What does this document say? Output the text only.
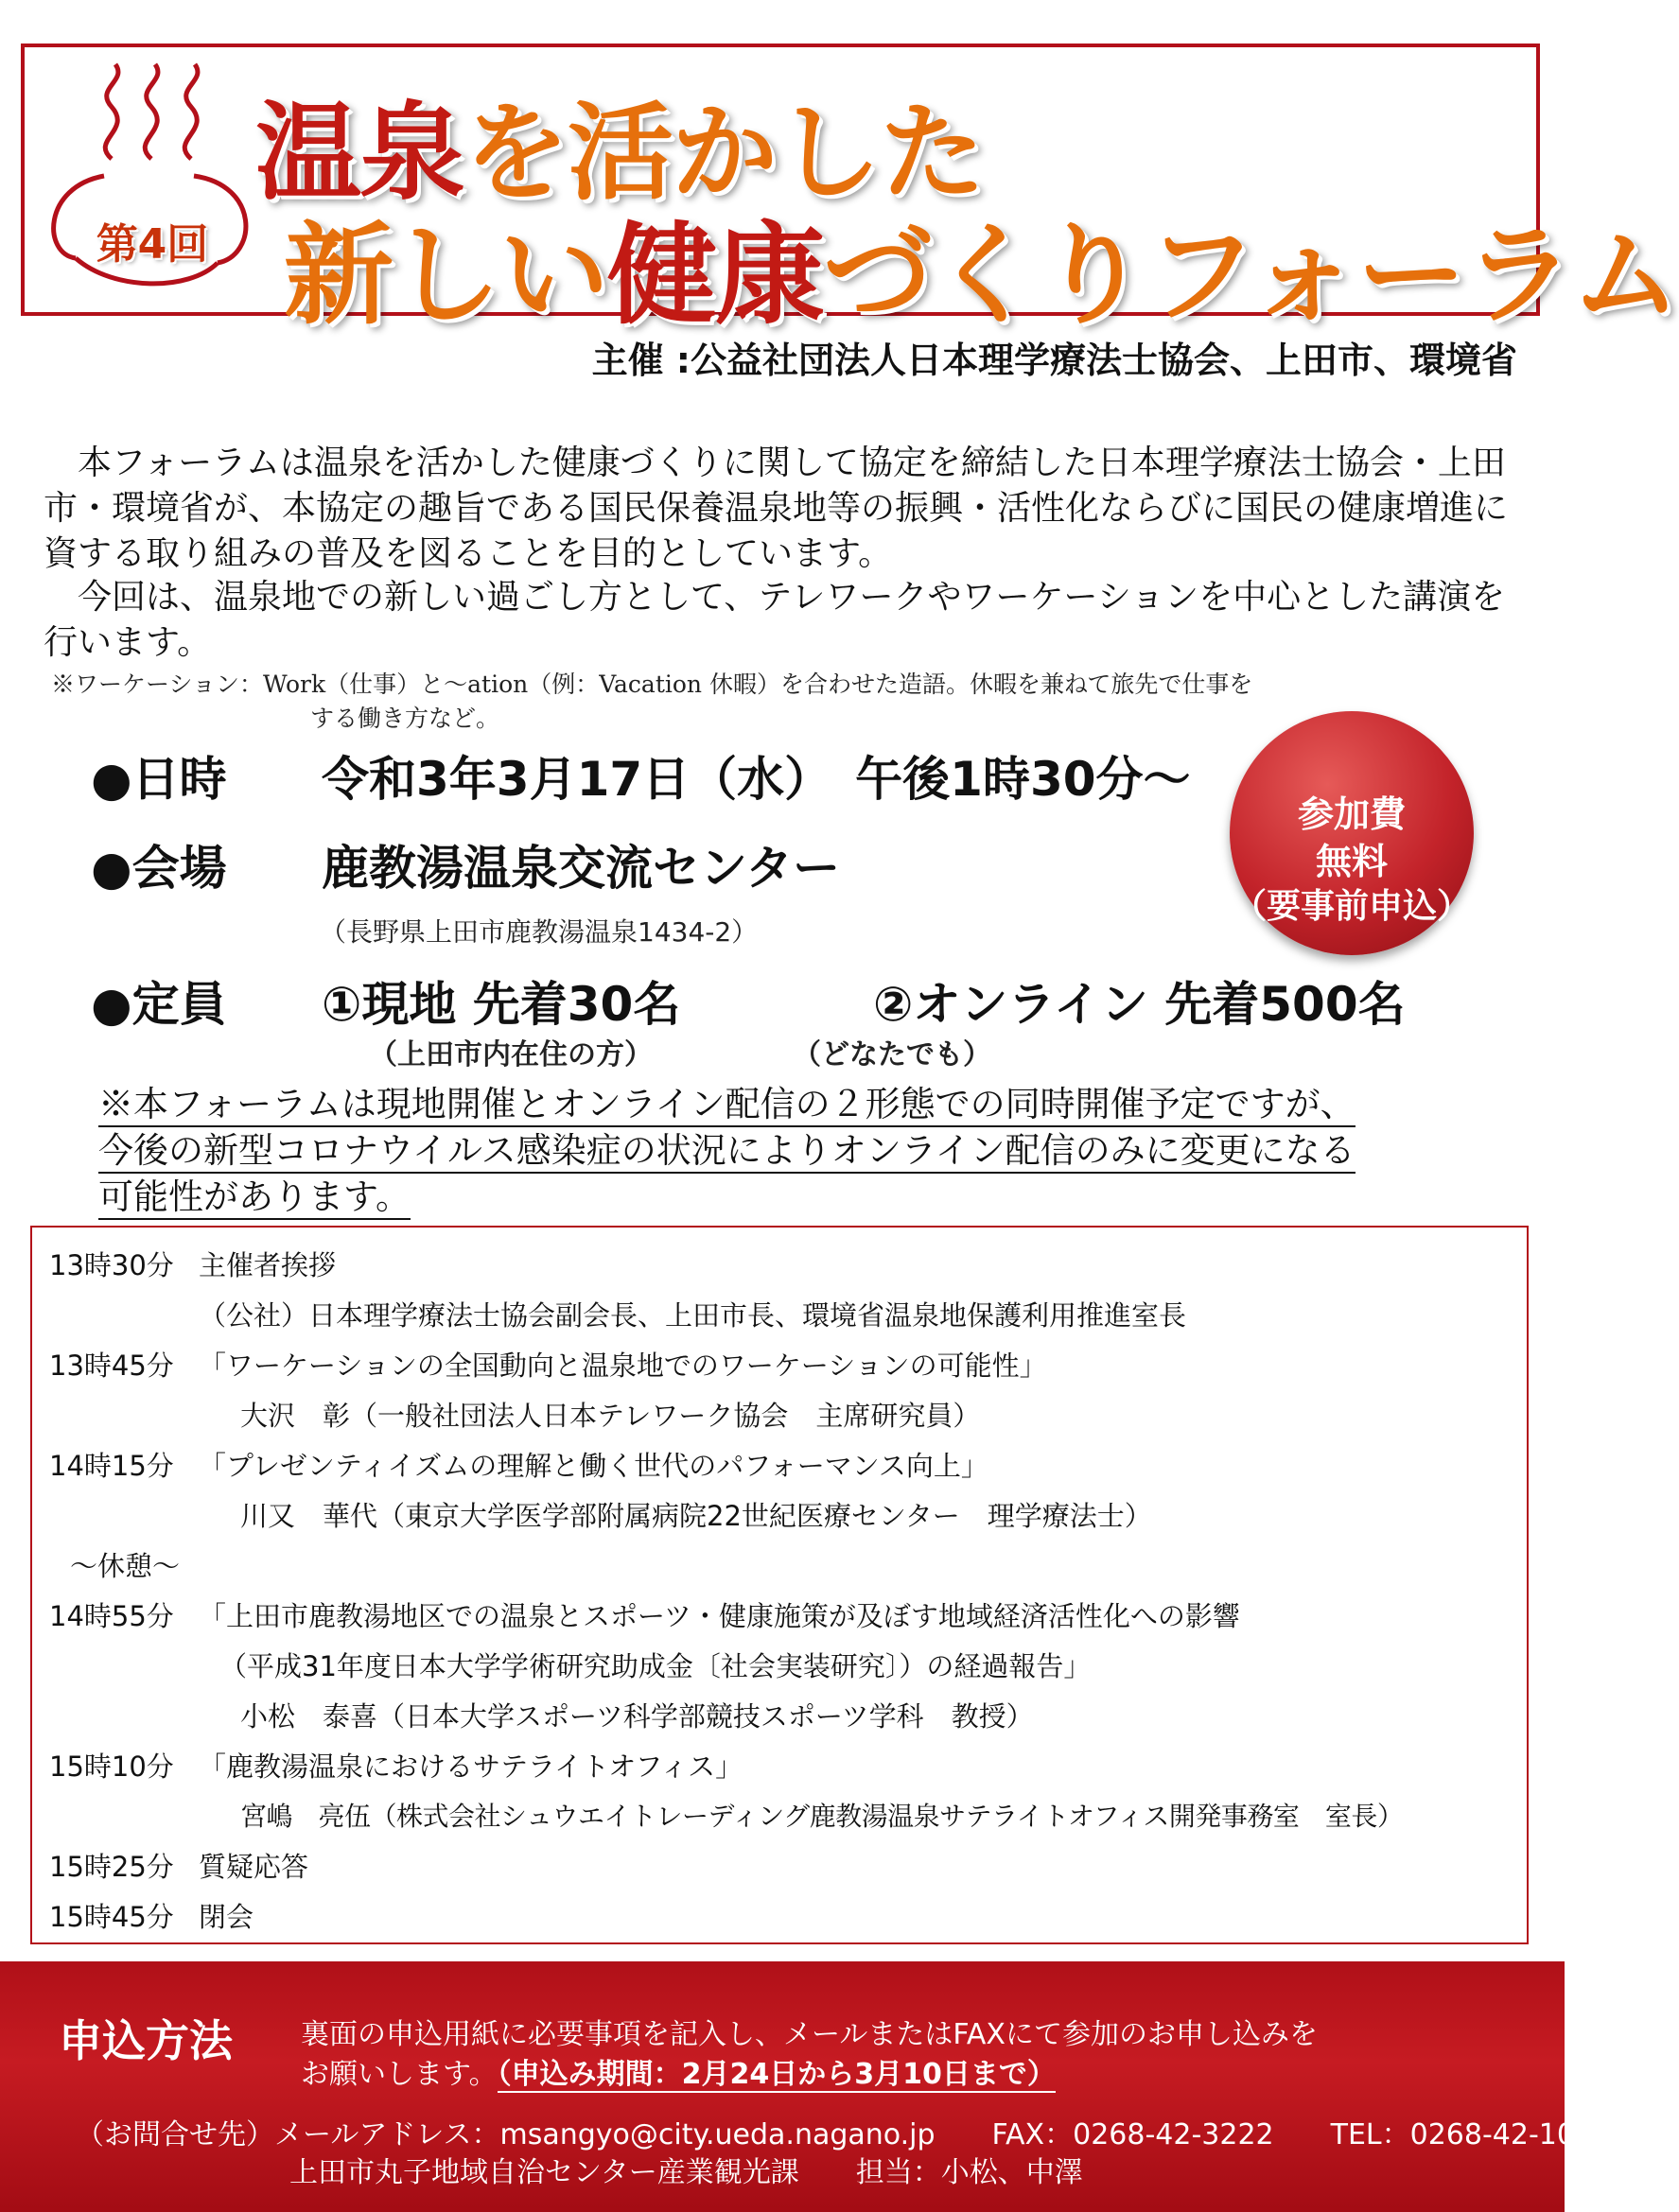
第4回
温泉を活かした
新しい健康づくりフォーラム
主催 :公益社団法人日本理学療法士協会、上田市、環境省
　本フォーラムは温泉を活かした健康づくりに関して協定を締結した日本理学療法士協会・上田市・環境省が、本協定の趣旨である国民保養温泉地等の振興・活性化ならびに国民の健康増進に資する取り組みの普及を図ることを目的としています。
　今回は、温泉地での新しい過ごし方として、テレワークやワーケーションを中心とした講演を行います。
※ワーケーション：Work（仕事）と～ation（例：Vacation 休暇）を合わせた造語。休暇を兼ねて旅先で仕事を
する働き方など。
●日時 令和3年3月17日（水）　午後1時30分～
●会場 鹿教湯温泉交流センター
（長野県上田市鹿教湯温泉1434-2）
●定員 ①現地 先着30名	②オンライン 先着500名
（上田市内在住の方）	（どなたでも）
参加費
無料
（要事前申込）
※本フォーラムは現地開催とオンライン配信の２形態での同時開催予定ですが、
今後の新型コロナウイルス感染症の状況によりオンライン配信のみに変更になる
可能性があります。
13時30分 主催者挨拶
（公社）日本理学療法士協会副会長、上田市長、環境省温泉地保護利用推進室長
13時45分 「ワーケーションの全国動向と温泉地でのワーケーションの可能性」
大沢　彰（一般社団法人日本テレワーク協会　主席研究員）
14時15分 「プレゼンティイズムの理解と働く世代のパフォーマンス向上」
川又　華代（東京大学医学部附属病院22世紀医療センター　理学療法士）
～休憩～
14時55分 「上田市鹿教湯地区での温泉とスポーツ・健康施策が及ぼす地域経済活性化への影響
（平成31年度日本大学学術研究助成金〔社会実装研究〕）の経過報告」
小松　泰喜（日本大学スポーツ科学部競技スポーツ学科　教授）
15時10分 「鹿教湯温泉におけるサテライトオフィス」
宮嶋　亮伍（株式会社シュウエイトレーディング鹿教湯温泉サテライトオフィス開発事務室　室長）
15時25分 質疑応答
15時45分 閉会
申込方法 裏面の申込用紙に必要事項を記入し、メールまたはFAXにて参加のお申し込みを
お願いします。（申込み期間：2月24日から3月10日まで）
（お問合せ先）メールアドレス：msangyo@city.ueda.nagano.jp FAX：0268-42-3222 TEL：0268-42-1048
上田市丸子地域自治センター産業観光課　　担当：小松、中澤
